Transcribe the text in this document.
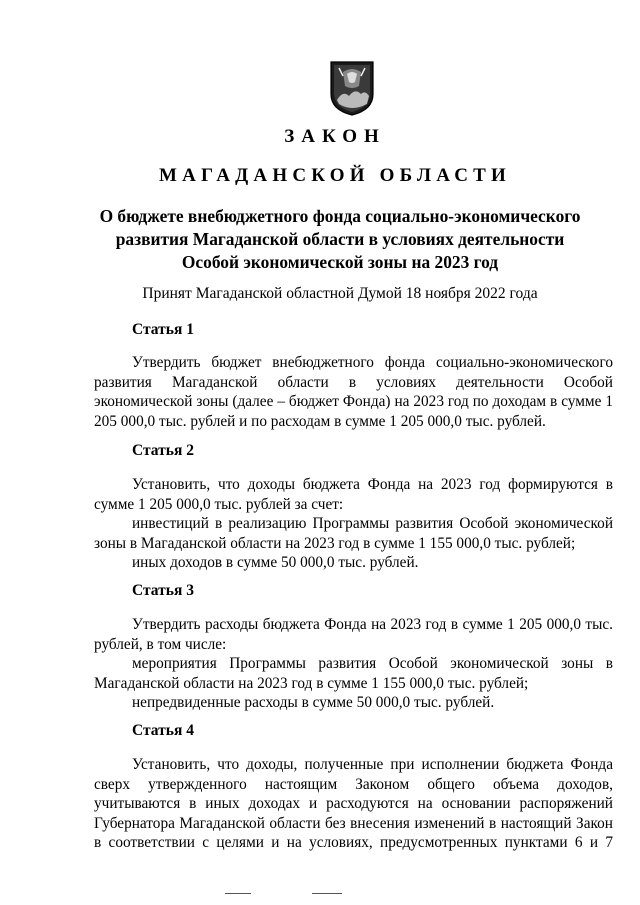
ЗАКОН
МАГАДАНСКОЙ ОБЛАСТИ
О бюджете внебюджетного фонда социально-экономического
развития Магаданской области в условиях деятельности
Особой экономической зоны на 2023 год
Принят Магаданской областной Думой 18 ноября 2022 года
Статья 1

Утвердить бюджет внебюджетного фонда социально-экономического развития Магаданской области в условиях деятельности Особой экономической зоны (далее – бюджет Фонда) на 2023 год по доходам в сумме 1 205 000,0 тыс. рублей и по расходам в сумме 1 205 000,0 тыс. рублей.

Статья 2

Установить, что доходы бюджета Фонда на 2023 год формируются в сумме 1 205 000,0 тыс. рублей за счет:

инвестиций в реализацию Программы развития Особой экономической зоны в Магаданской области на 2023 год в сумме 1 155 000,0 тыс. рублей;

иных доходов в сумме 50 000,0 тыс. рублей.

Статья 3

Утвердить расходы бюджета Фонда на 2023 год в сумме 1 205 000,0 тыс. рублей, в том числе:

мероприятия Программы развития Особой экономической зоны в Магаданской области на 2023 год в сумме 1 155 000,0 тыс. рублей;

непредвиденные расходы в сумме 50 000,0 тыс. рублей.

Статья 4

Установить, что доходы, полученные при исполнении бюджета Фонда сверх утвержденного настоящим Законом общего объема доходов, учитываются в иных доходах и расходуются на основании распоряжений Губернатора Магаданской области без внесения изменений в настоящий Закон в соответствии с целями и на условиях, предусмотренных пунктами 6 и 7
